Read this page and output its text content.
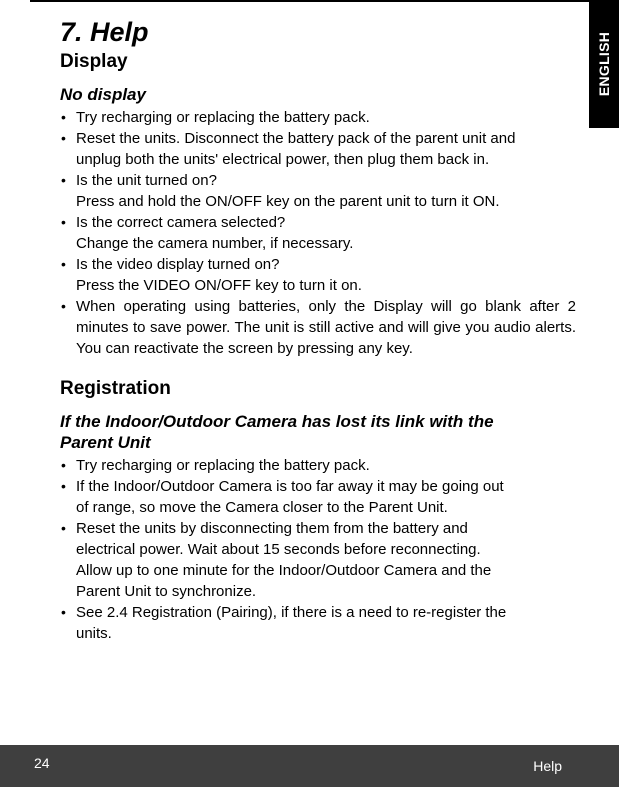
ENGLISH
7. Help
Display
No display
• Try recharging or replacing the battery pack.
• Reset the units. Disconnect the battery pack of the parent unit and
unplug both the units' electrical power, then plug them back in.
• Is the unit turned on?
Press and hold the ON/OFF key on the parent unit to turn it ON.
• Is the correct camera selected?
Change the camera number, if necessary.
• Is the video display turned on?
Press the VIDEO ON/OFF key to turn it on.
• When operating using batteries, only the Display will go blank after 2 minutes to save power. The unit is still active and will give you audio alerts. You can reactivate the screen by pressing any key.
Registration
If the Indoor/Outdoor Camera has lost its link with the
Parent Unit
• Try recharging or replacing the battery pack.
• If the Indoor/Outdoor Camera is too far away it may be going out
of range, so move the Camera closer to the Parent Unit.
• Reset the units by disconnecting them from the battery and
electrical power. Wait about 15 seconds before reconnecting.
Allow up to one minute for the Indoor/Outdoor Camera and the
Parent Unit to synchronize.
• See 2.4 Registration (Pairing), if there is a need to re-register the
units.
24	Help
